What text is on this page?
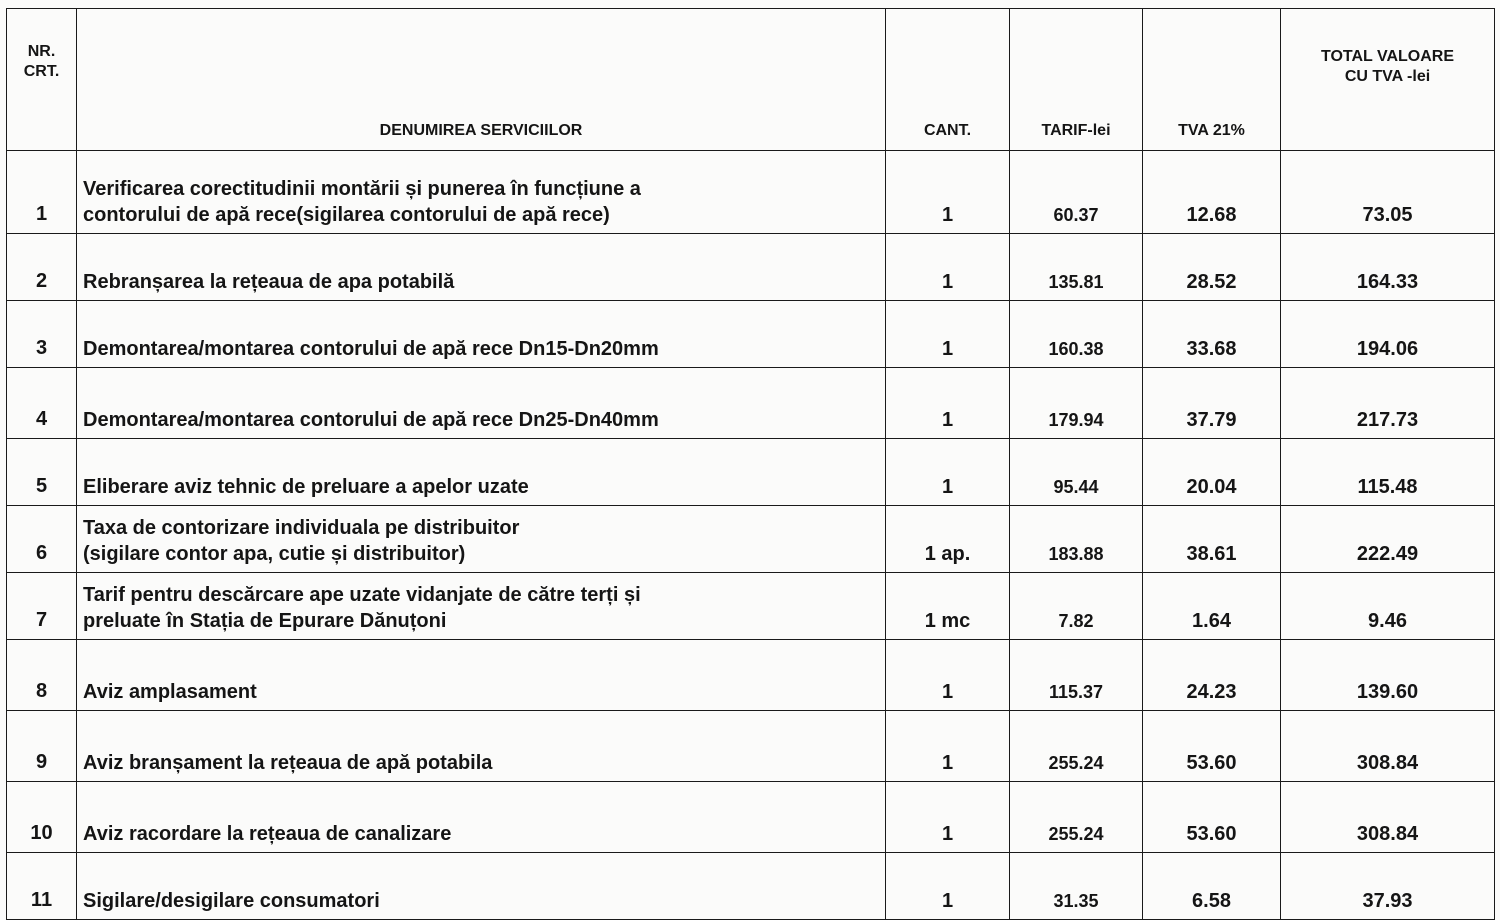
NR.
CRT.	DENUMIREA SERVICIILOR	CANT.	TARIF-lei	TVA 21%	TOTAL VALOARE
CU TVA -lei
1	Verificarea corectitudinii montării și punerea în funcțiune a
contorului de apă rece(sigilarea contorului de apă rece)	1	60.37	12.68	73.05
2	Rebranșarea la rețeaua de apa potabilă	1	135.81	28.52	164.33
3	Demontarea/montarea contorului de apă rece Dn15-Dn20mm	1	160.38	33.68	194.06
4	Demontarea/montarea contorului de apă rece Dn25-Dn40mm	1	179.94	37.79	217.73
5	Eliberare aviz tehnic de preluare a apelor uzate	1	95.44	20.04	115.48
6	Taxa de contorizare individuala pe distribuitor
(sigilare contor apa, cutie și distribuitor)	1 ap.	183.88	38.61	222.49
7	Tarif pentru descărcare ape uzate vidanjate de către terți și
preluate în Stația de Epurare Dănuțoni	1 mc	7.82	1.64	9.46
8	Aviz amplasament	1	115.37	24.23	139.60
9	Aviz branșament la rețeaua de apă potabila	1	255.24	53.60	308.84
10	Aviz racordare la rețeaua de canalizare	1	255.24	53.60	308.84
11	Sigilare/desigilare consumatori	1	31.35	6.58	37.93
